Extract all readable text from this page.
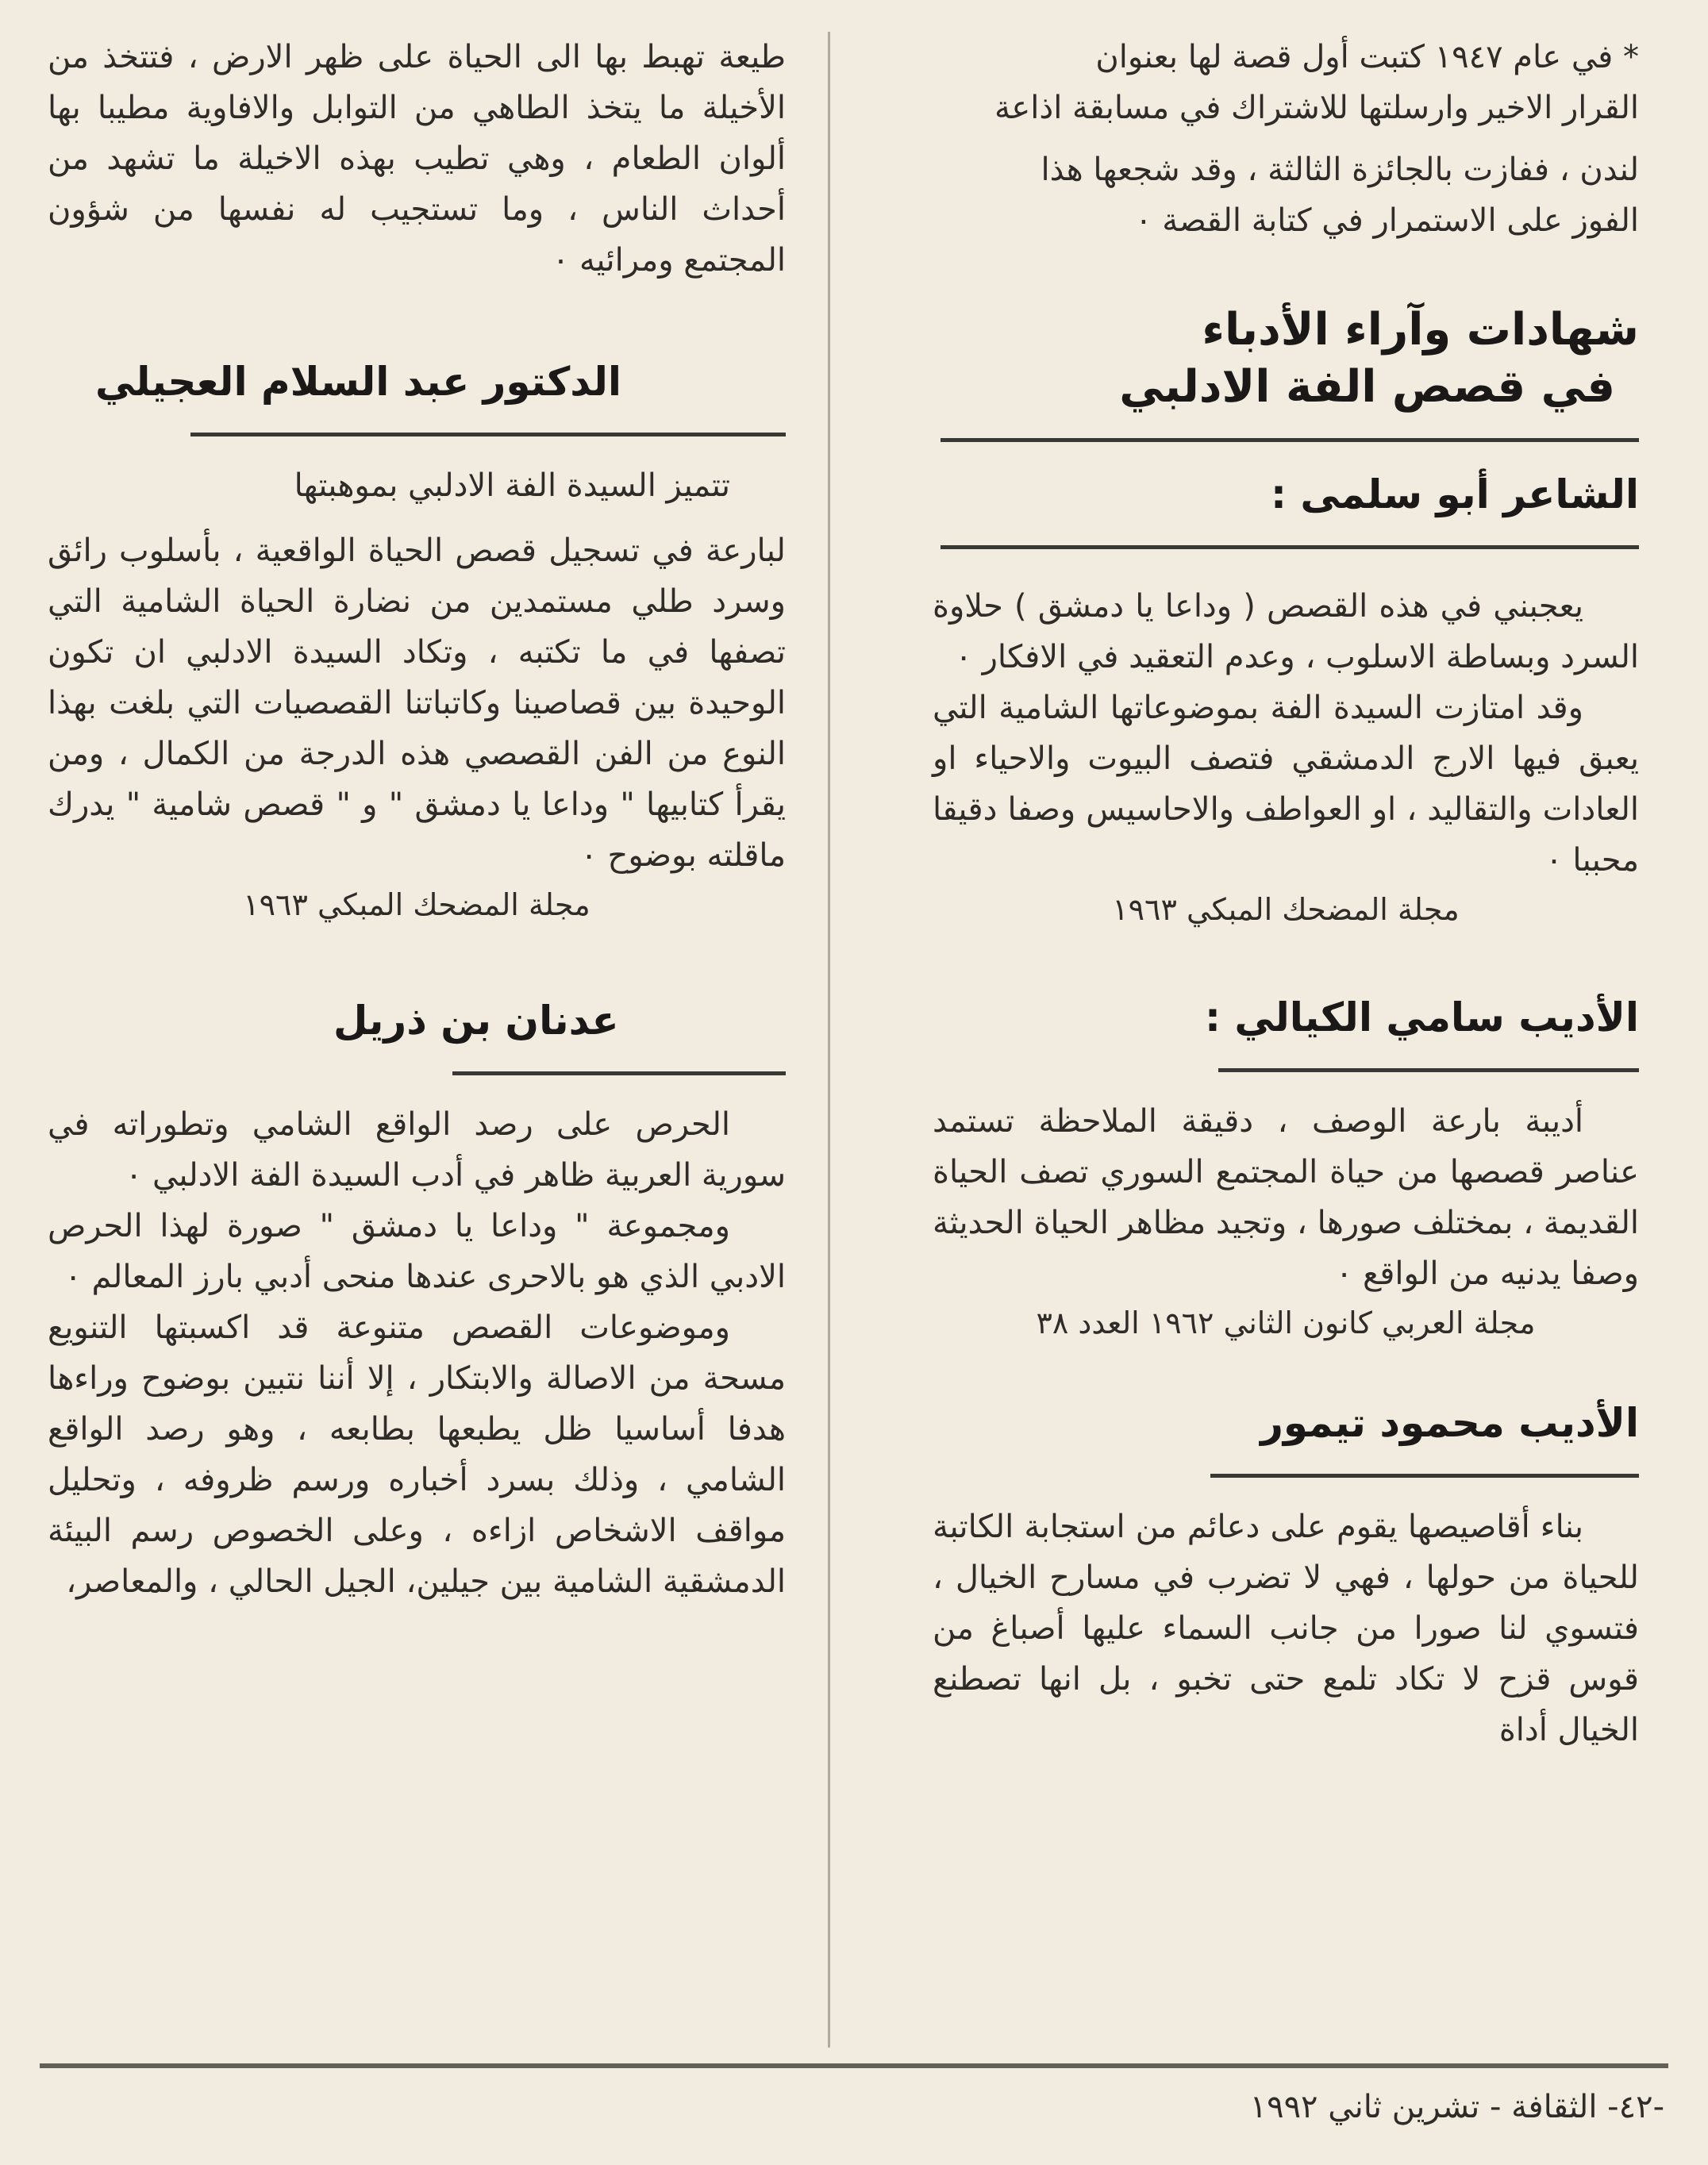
* في عام ١٩٤٧ كتبت أول قصة لها بعنوان

القرار الاخير وارسلتها للاشتراك في مسابقة اذاعة

لندن ، ففازت بالجائزة الثالثة ، وقد شجعها هذا

الفوز على الاستمرار في كتابة القصة ٠

شهادات وآراء الأدباء

في قصص الفة الادلبي

الشاعر أبو سلمى :

يعجبني في هذه القصص ( وداعا يا دمشق ) حلاوة السرد وبساطة الاسلوب ، وعدم التعقيد في الافكار ٠

وقد امتازت السيدة الفة بموضوعاتها الشامية التي يعبق فيها الارج الدمشقي فتصف البيوت والاحياء او العادات والتقاليد ، او العواطف والاحاسيس وصفا دقيقا محببا ٠

مجلة المضحك المبكي ١٩٦٣

الأديب سامي الكيالي :

أديبة بارعة الوصف ، دقيقة الملاحظة تستمد عناصر قصصها من حياة المجتمع السوري تصف الحياة القديمة ، بمختلف صورها ، وتجيد مظاهر الحياة الحديثة وصفا يدنيه من الواقع ٠

مجلة العربي كانون الثاني ١٩٦٢ العدد ٣٨

الأديب محمود تيمور

بناء أقاصيصها يقوم على دعائم من استجابة الكاتبة للحياة من حولها ، فهي لا تضرب في مسارح الخيال ، فتسوي لنا صورا من جانب السماء عليها أصباغ من قوس قزح لا تكاد تلمع حتى تخبو ، بل انها تصطنع الخيال أداة

طيعة تهبط بها الى الحياة على ظهر الارض ، فتتخذ من الأخيلة ما يتخذ الطاهي من التوابل والافاوية مطيبا بها ألوان الطعام ، وهي تطيب بهذه الاخيلة ما تشهد من أحداث الناس ، وما تستجيب له نفسها من شؤون المجتمع ومرائيه ٠

الدكتور عبد السلام العجيلي

تتميز السيدة الفة الادلبي بموهبتها

لبارعة في تسجيل قصص الحياة الواقعية ، بأسلوب رائق وسرد طلي مستمدين من نضارة الحياة الشامية التي تصفها في ما تكتبه ، وتكاد السيدة الادلبي ان تكون الوحيدة بين قصاصينا وكاتباتنا القصصيات التي بلغت بهذا النوع من الفن القصصي هذه الدرجة من الكمال ، ومن يقرأ كتابيها " وداعا يا دمشق " و " قصص شامية " يدرك ماقلته بوضوح ٠

مجلة المضحك المبكي ١٩٦٣

عدنان بن ذريل

الحرص على رصد الواقع الشامي وتطوراته في سورية العربية ظاهر في أدب السيدة الفة الادلبي ٠

ومجموعة " وداعا يا دمشق " صورة لهذا الحرص الادبي الذي هو بالاحرى عندها منحى أدبي بارز المعالم ٠

وموضوعات القصص متنوعة قد اكسبتها التنويع مسحة من الاصالة والابتكار ، إلا أننا نتبين بوضوح وراءها هدفا أساسيا ظل يطبعها بطابعه ، وهو رصد الواقع الشامي ، وذلك بسرد أخباره ورسم ظروفه ، وتحليل مواقف الاشخاص ازاءه ، وعلى الخصوص رسم البيئة الدمشقية الشامية بين جيلين، الجيل الحالي ، والمعاصر،

-٤٢- الثقافة - تشرين ثاني ١٩٩٢
